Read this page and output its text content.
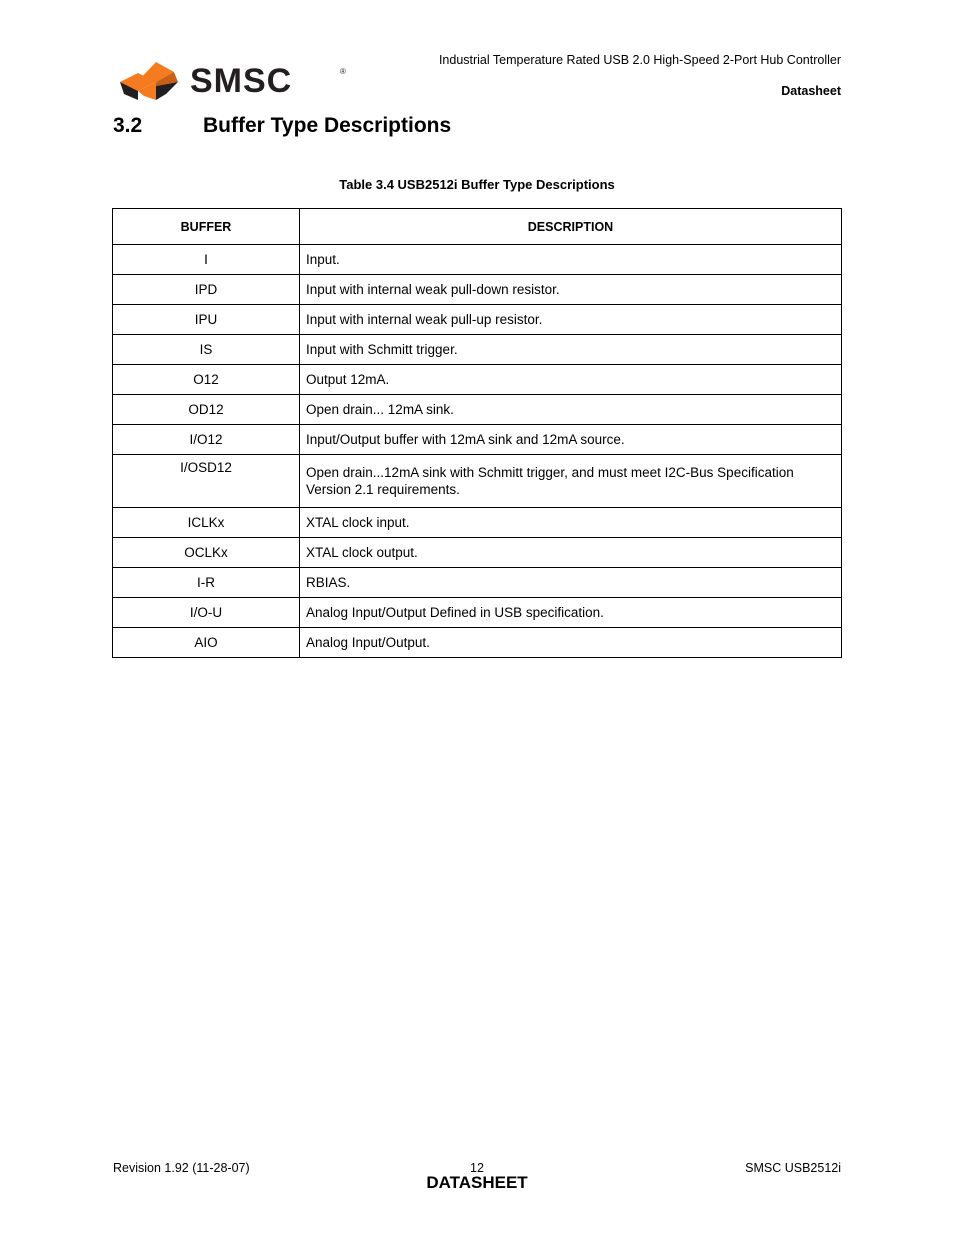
Industrial Temperature Rated USB 2.0 High-Speed 2-Port Hub Controller
Datasheet
SMSC	®
3.2	Buffer Type Descriptions
Table 3.4 USB2512i Buffer Type Descriptions
BUFFER	DESCRIPTION
I	Input.
IPD	Input with internal weak pull-down resistor.
IPU	Input with internal weak pull-up resistor.
IS	Input with Schmitt trigger.
O12	Output 12mA.
OD12	Open drain... 12mA sink.
I/O12	Input/Output buffer with 12mA sink and 12mA source.
I/OSD12	Open drain...12mA sink with Schmitt trigger, and must meet I2C-Bus Specification Version 2.1 requirements.
ICLKx	XTAL clock input.
OCLKx	XTAL clock output.
I-R	RBIAS.
I/O-U	Analog Input/Output Defined in USB specification.
AIO	Analog Input/Output.
Revision 1.92 (11-28-07)	12	SMSC USB2512i
DATASHEET
